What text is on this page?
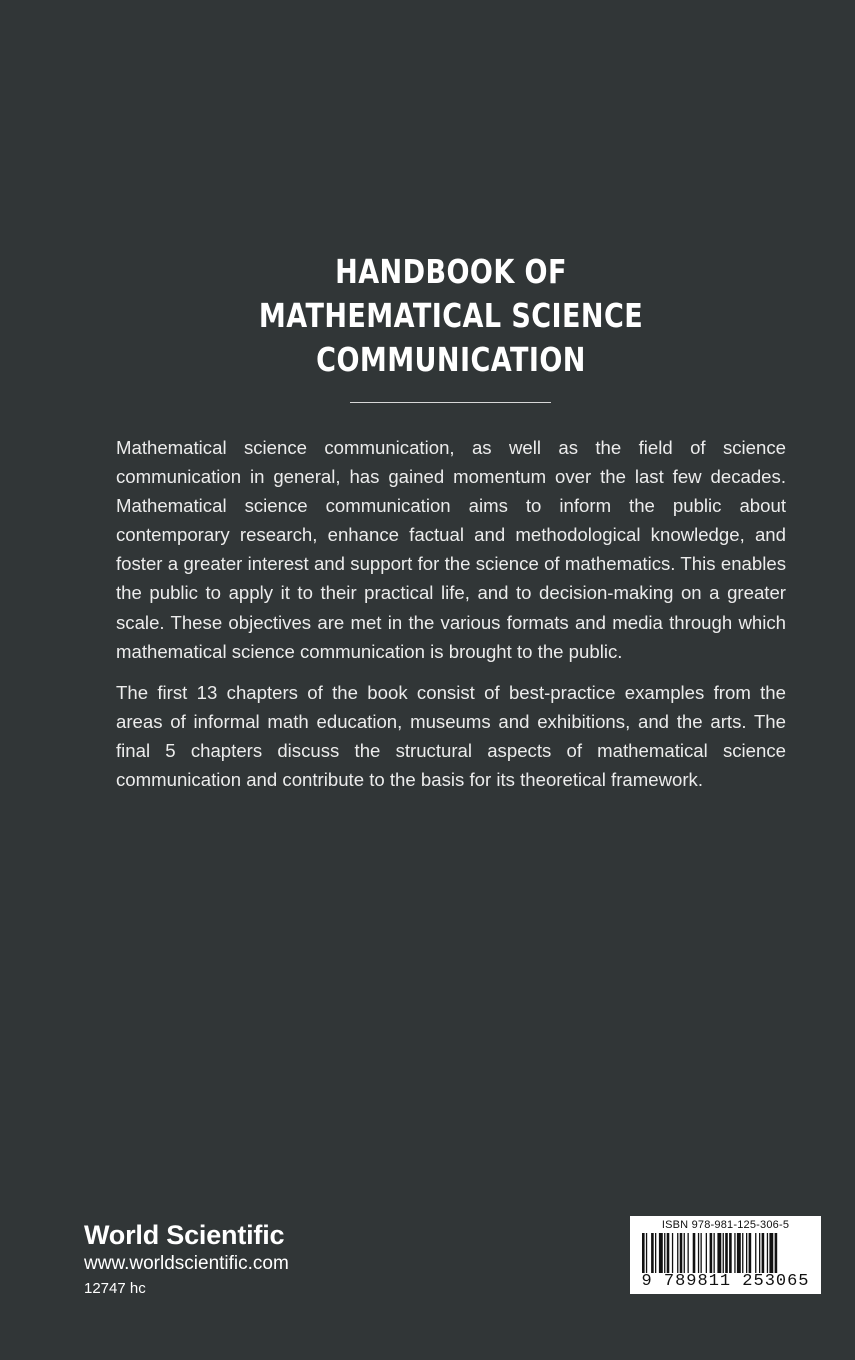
HANDBOOK OF
MATHEMATICAL SCIENCE
COMMUNICATION

Mathematical science communication, as well as the field of science communication in general, has gained momentum over the last few decades. Mathematical science communication aims to inform the public about contemporary research, enhance factual and methodological knowledge, and foster a greater interest and support for the science of mathematics. This enables the public to apply it to their practical life, and to decision-making on a greater scale. These objectives are met in the various formats and media through which mathematical science communication is brought to the public.

The first 13 chapters of the book consist of best-practice examples from the areas of informal math education, museums and exhibitions, and the arts. The final 5 chapters discuss the structural aspects of mathematical science communication and contribute to the basis for its theoretical framework.

World Scientific
www.worldscientific.com
12747 hc
ISBN 978-981-125-306-5
9 789811 253065
